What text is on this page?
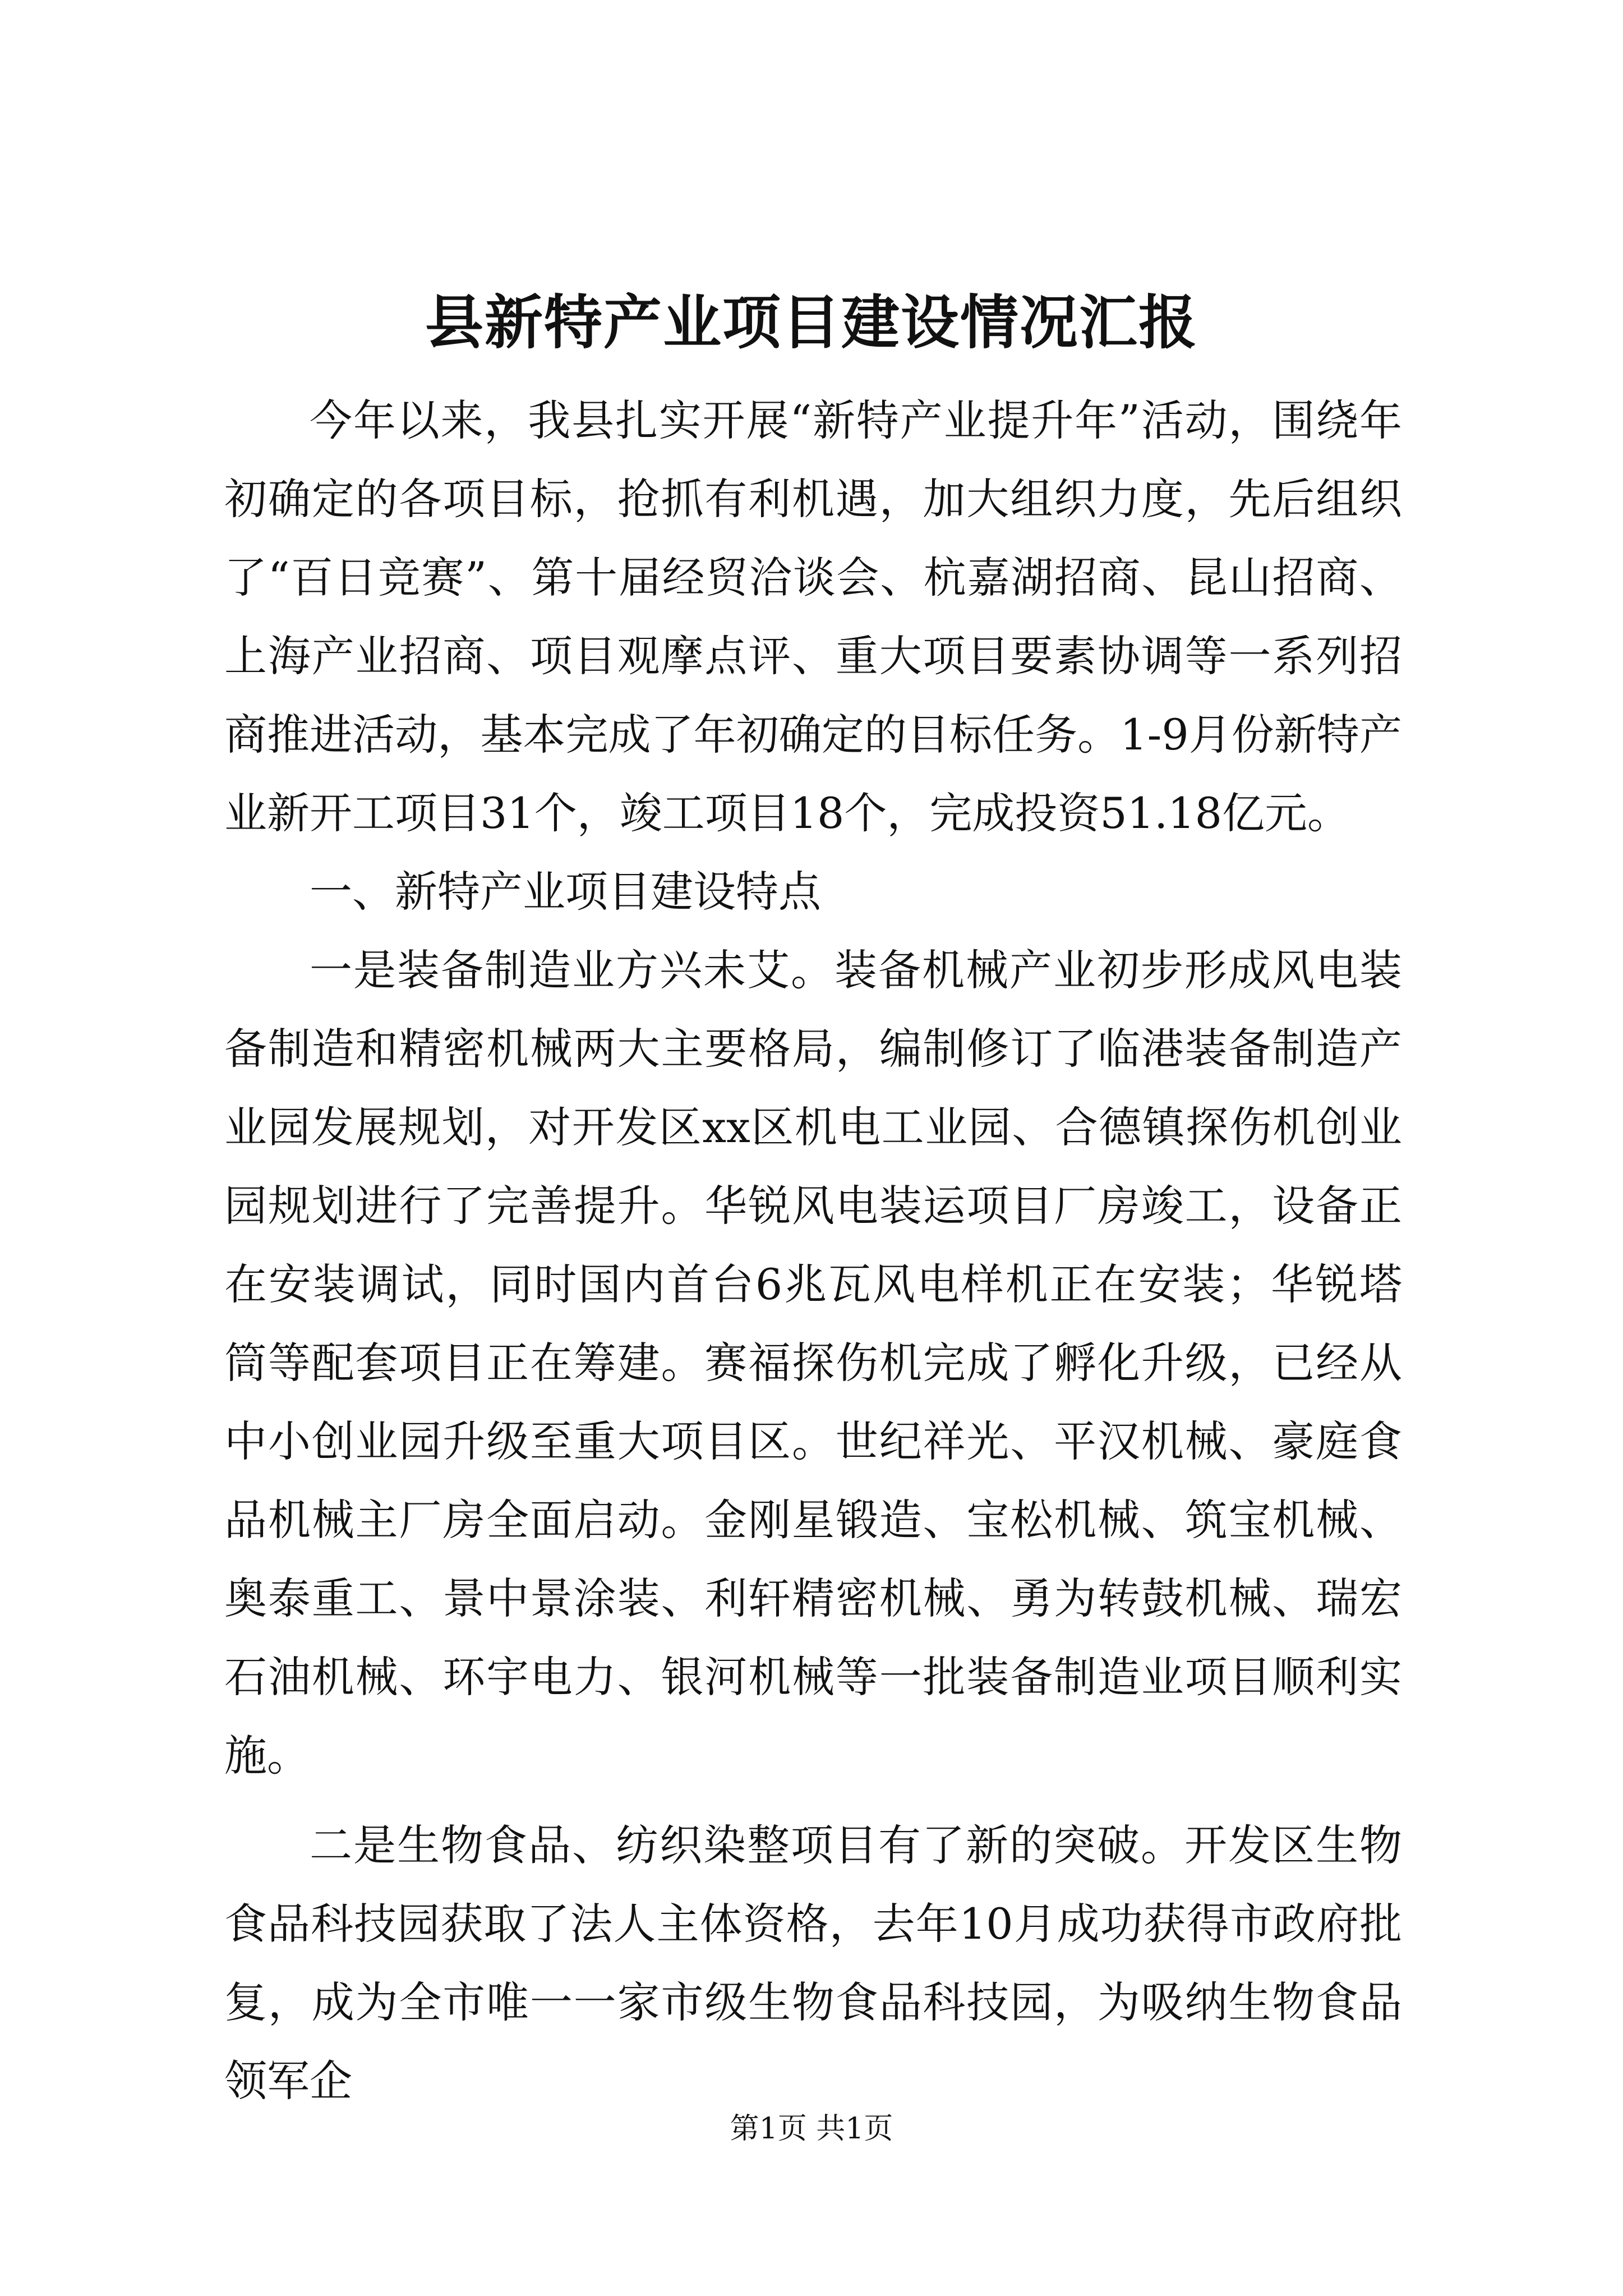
县新特产业项目建设情况汇报

今年以来，我县扎实开展“新特产业提升年”活动，围绕年初确定的各项目标，抢抓有利机遇，加大组织力度，先后组织了“百日竞赛”、第十届经贸洽谈会、杭嘉湖招商、昆山招商、上海产业招商、项目观摩点评、重大项目要素协调等一系列招商推进活动，基本完成了年初确定的目标任务。1-9月份新特产业新开工项目31个，竣工项目18个，完成投资51.18亿元。

一、新特产业项目建设特点

一是装备制造业方兴未艾。装备机械产业初步形成风电装备制造和精密机械两大主要格局，编制修订了临港装备制造产业园发展规划，对开发区xx区机电工业园、合德镇探伤机创业园规划进行了完善提升。华锐风电装运项目厂房竣工，设备正在安装调试，同时国内首台6兆瓦风电样机正在安装；华锐塔筒等配套项目正在筹建。赛福探伤机完成了孵化升级，已经从中小创业园升级至重大项目区。世纪祥光、平汉机械、豪庭食品机械主厂房全面启动。金刚星锻造、宝松机械、筑宝机械、奥泰重工、景中景涂装、利轩精密机械、勇为转鼓机械、瑞宏石油机械、环宇电力、银河机械等一批装备制造业项目顺利实施。

二是生物食品、纺织染整项目有了新的突破。开发区生物食品科技园获取了法人主体资格，去年10月成功获得市政府批复，成为全市唯一一家市级生物食品科技园，为吸纳生物食品领军企

第1页 共1页
